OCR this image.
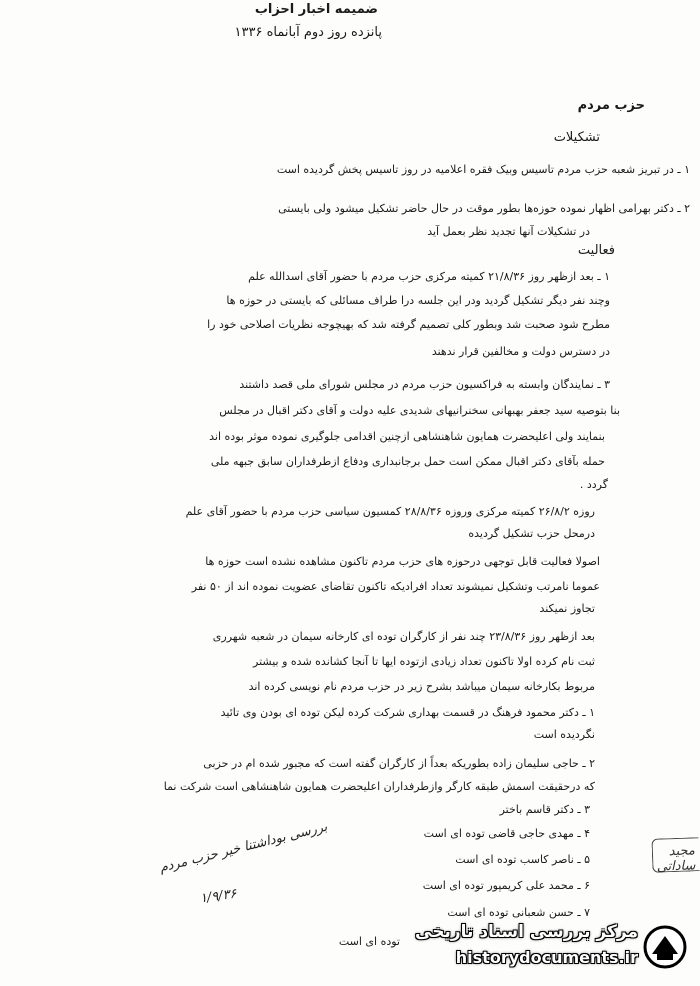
ضمیمه اخبار احزاب
پانزده روز دوم آبانماه ۱۳۳۶
حزب مردم
تشکیلات
۱ ـ در تبریز شعبه حزب مردم تاسیس وبیک فقره اعلامیه در روز تاسیس پخش گردیده است
۲ ـ دکتر بهرامی اظهار نموده حوزه‌ها بطور موقت در حال حاضر تشکیل میشود ولی بایستی
در تشکیلات آنها تجدید نظر بعمل آید
فعالیت
۱ ـ بعد ازظهر روز ۲۱/۸/۳۶ کمیته مرکزی حزب مردم با حضور آقای اسدالله علم
وچند نفر دیگر تشکیل گردید ودر این جلسه درا طراف مسائلی که بایستی در حوزه ها
مطرح شود صحبت شد وبطور کلی تصمیم گرفته شد که بهیچوجه نظریات اصلاحی خود را
در دسترس دولت و مخالفین قرار ندهند
۳ ـ نمایندگان وابسته به فراکسیون حزب مردم در مجلس شورای ملی قصد داشتند
بنا بتوصیه سید جعفر بهبهانی سخنرانیهای شدیدی علیه دولت و آقای دکتر اقبال در مجلس
بنمایند ولی اعلیحضرت همایون شاهنشاهی ازچنین اقدامی جلوگیری نموده موثر بوده اند
حمله بآقای دکتر اقبال ممکن است حمل برجانبداری ودفاع ازطرفداران سابق جبهه ملی
گردد .
روزه ۲۶/۸/۲ کمیته مرکزی وروزه ۲۸/۸/۳۶ کمسیون سیاسی حزب مردم با حضور آقای علم
درمحل حزب تشکیل گردیده
اصولا فعالیت قابل توجهی درحوزه های حزب مردم تاکنون مشاهده نشده است حوزه ها
عموما نامرتب وتشکیل نمیشوند تعداد افرادیکه تاکنون تقاضای عضویت نموده اند از ۵۰ نفر
تجاوز نمیکند
بعد ازظهر روز ۲۳/۸/۳۶ چند نفر از کارگران توده ای کارخانه سیمان در شعبه شهرری
ثبت نام کرده اولا تاکنون تعداد زیادی ازتوده ایها تا آنجا کشانده شده و بیشتر
مربوط بکارخانه سیمان میباشد بشرح زیر در حزب مردم نام نویسی کرده اند
۱ ـ دکتر محمود فرهنگ در قسمت بهداری شرکت کرده لیکن توده ای بودن وی تائید
نگردیده است
۲ ـ حاجی سلیمان زاده بطوریکه بعداً از کارگران گفته است که مجبور شده ام در حزبی
که درحقیقت اسمش طبقه کارگر وازطرفداران اعلیحضرت همایون شاهنشاهی است شرکت نما
۳ ـ دکتر قاسم باختر
۴ ـ مهدی حاجی قاضی توده ای است
۵ ـ ناصر کاسب توده ای است
۶ ـ محمد علی کریمپور توده ای است
۷ ـ حسن شعبانی توده ای است
توده ای است
مجید ساداتی
بررسی بوداشتنا خیر حزب مردم
۱/۹/۳۶
مرکز بررسی اسناد تاریخی
historydocuments.ir
